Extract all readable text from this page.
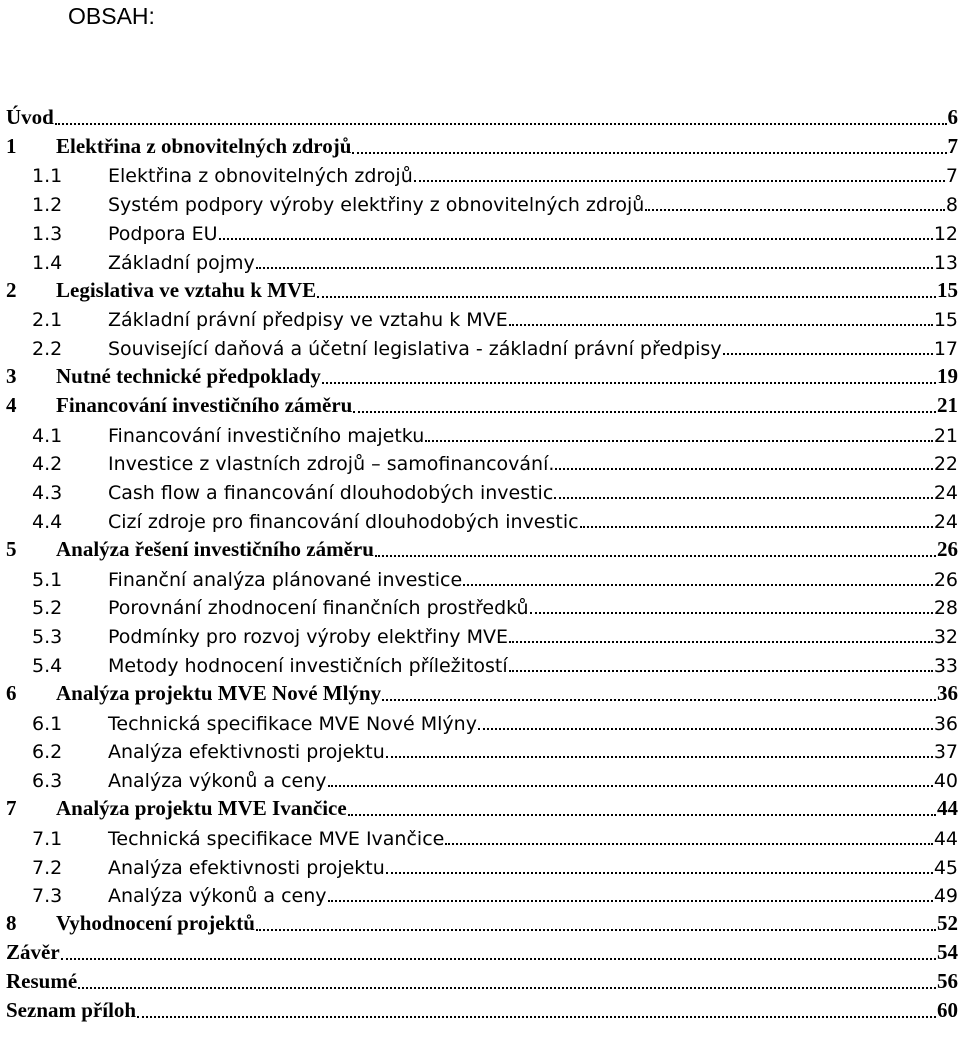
OBSAH:
Úvod	6
1	Elektřina z obnovitelných zdrojů	7
1.1	Elektřina z obnovitelných zdrojů	7
1.2	Systém podpory výroby elektřiny z obnovitelných zdrojů	8
1.3	Podpora EU	12
1.4	Základní pojmy	13
2	Legislativa ve vztahu k MVE	15
2.1	Základní právní předpisy ve vztahu k MVE	15
2.2	Související daňová a účetní legislativa - základní právní předpisy	17
3	Nutné technické předpoklady	19
4	Financování investičního záměru	21
4.1	Financování investičního majetku	21
4.2	Investice z vlastních zdrojů – samofinancování.	22
4.3	Cash flow a financování dlouhodobých investic	24
4.4	Cizí zdroje pro financování dlouhodobých investic	24
5	Analýza řešení investičního záměru	26
5.1	Finanční analýza plánované investice	26
5.2	Porovnání zhodnocení finančních prostředků	28
5.3	Podmínky pro rozvoj výroby elektřiny MVE	32
5.4	Metody hodnocení investičních příležitostí	33
6	Analýza projektu MVE Nové Mlýny	36
6.1	Technická specifikace MVE Nové Mlýny	36
6.2	Analýza efektivnosti projektu	37
6.3	Analýza výkonů a ceny	40
7	Analýza projektu MVE Ivančice	44
7.1	Technická specifikace MVE Ivančice	44
7.2	Analýza efektivnosti projektu	45
7.3	Analýza výkonů a ceny	49
8	Vyhodnocení projektů	52
Závěr	54
Resumé	56
Seznam příloh	60
